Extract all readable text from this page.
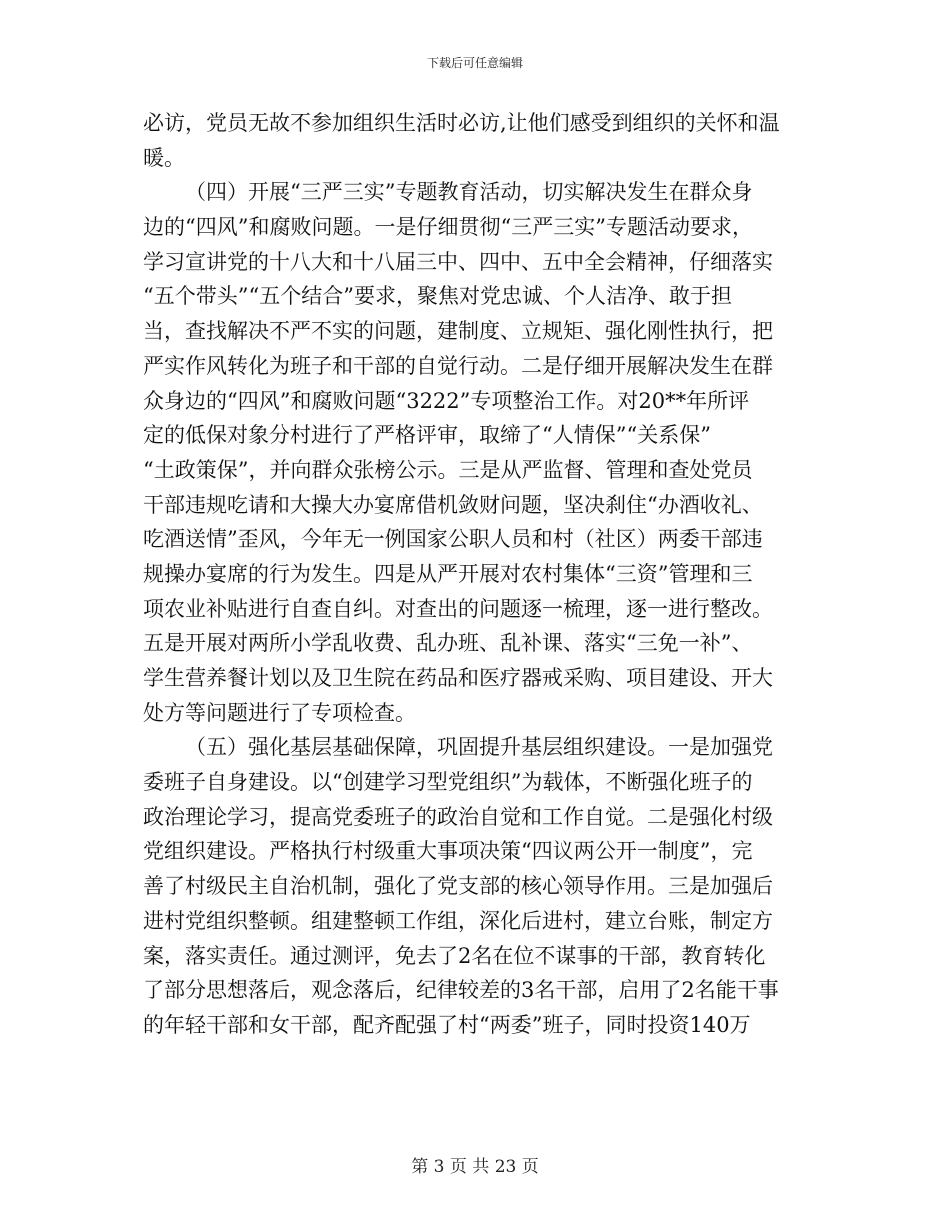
下载后可任意编辑
必访，党员无故不参加组织生活时必访,让他们感受到组织的关怀和温
暖。
（四）开展“三严三实”专题教育活动，切实解决发生在群众身
边的“四风”和腐败问题。一是仔细贯彻“三严三实”专题活动要求，
学习宣讲党的十八大和十八届三中、四中、五中全会精神，仔细落实
“五个带头”“五个结合”要求，聚焦对党忠诚、个人洁净、敢于担
当，查找解决不严不实的问题，建制度、立规矩、强化刚性执行，把
严实作风转化为班子和干部的自觉行动。二是仔细开展解决发生在群
众身边的“四风”和腐败问题“3222”专项整治工作。对20**年所评
定的低保对象分村进行了严格评审，取缔了“人情保”“关系保”
“土政策保”，并向群众张榜公示。三是从严监督、管理和查处党员
干部违规吃请和大操大办宴席借机敛财问题，坚决刹住“办酒收礼、
吃酒送情”歪风，今年无一例国家公职人员和村（社区）两委干部违
规操办宴席的行为发生。四是从严开展对农村集体“三资”管理和三
项农业补贴进行自查自纠。对查出的问题逐一梳理，逐一进行整改。
五是开展对两所小学乱收费、乱办班、乱补课、落实“三免一补”、
学生营养餐计划以及卫生院在药品和医疗器戒采购、项目建设、开大
处方等问题进行了专项检查。
（五）强化基层基础保障，巩固提升基层组织建设。一是加强党
委班子自身建设。以“创建学习型党组织”为载体，不断强化班子的
政治理论学习，提高党委班子的政治自觉和工作自觉。二是强化村级
党组织建设。严格执行村级重大事项决策“四议两公开一制度”，完
善了村级民主自治机制，强化了党支部的核心领导作用。三是加强后
进村党组织整顿。组建整顿工作组，深化后进村，建立台账，制定方
案，落实责任。通过测评，免去了2名在位不谋事的干部，教育转化
了部分思想落后，观念落后，纪律较差的3名干部，启用了2名能干事
的年轻干部和女干部，配齐配强了村“两委”班子，同时投资140万
第 3 页 共 23 页
